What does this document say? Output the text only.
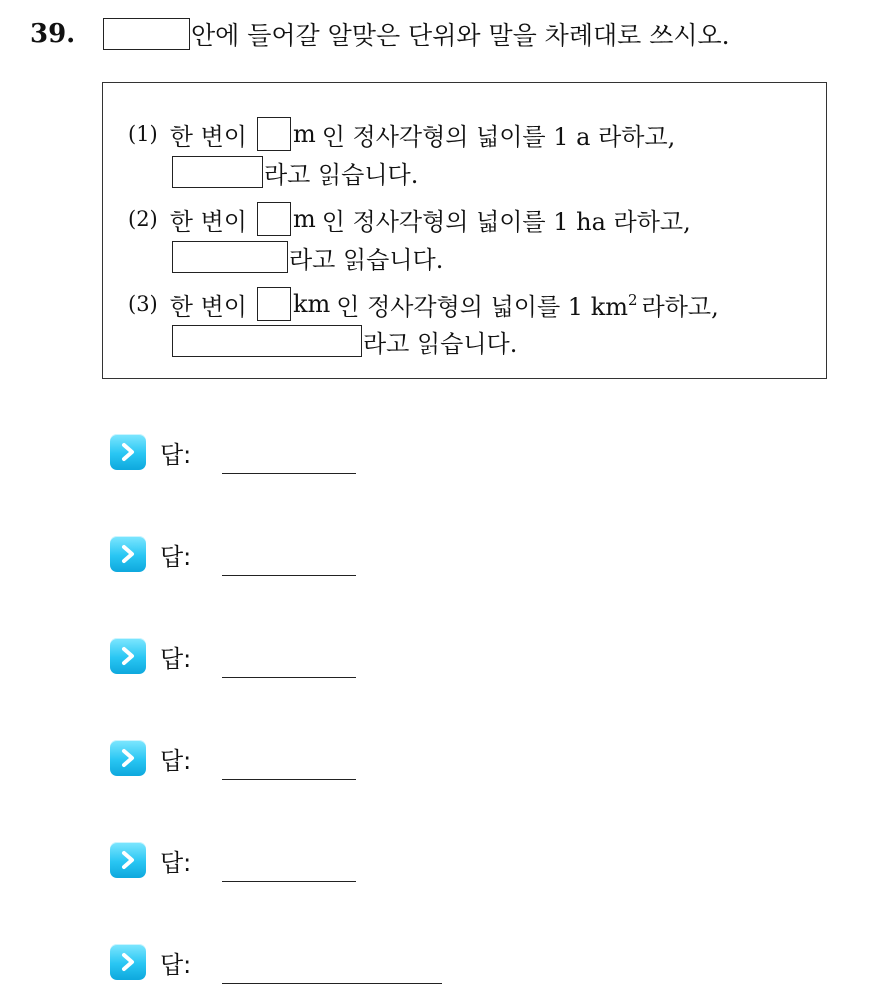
39.	안에 들어갈 알맞은 단위와 말을 차례대로 쓰시오.
(1) 한 변이 m 인 정사각형의 넓이를 1 a 라하고,
라고 읽습니다.
(2) 한 변이 m 인 정사각형의 넓이를 1 ha 라하고,
라고 읽습니다.
(3) 한 변이 km 인 정사각형의 넓이를 1 km 2 라하고,
라고 읽습니다.
답:
답:
답:
답:
답:
답:
